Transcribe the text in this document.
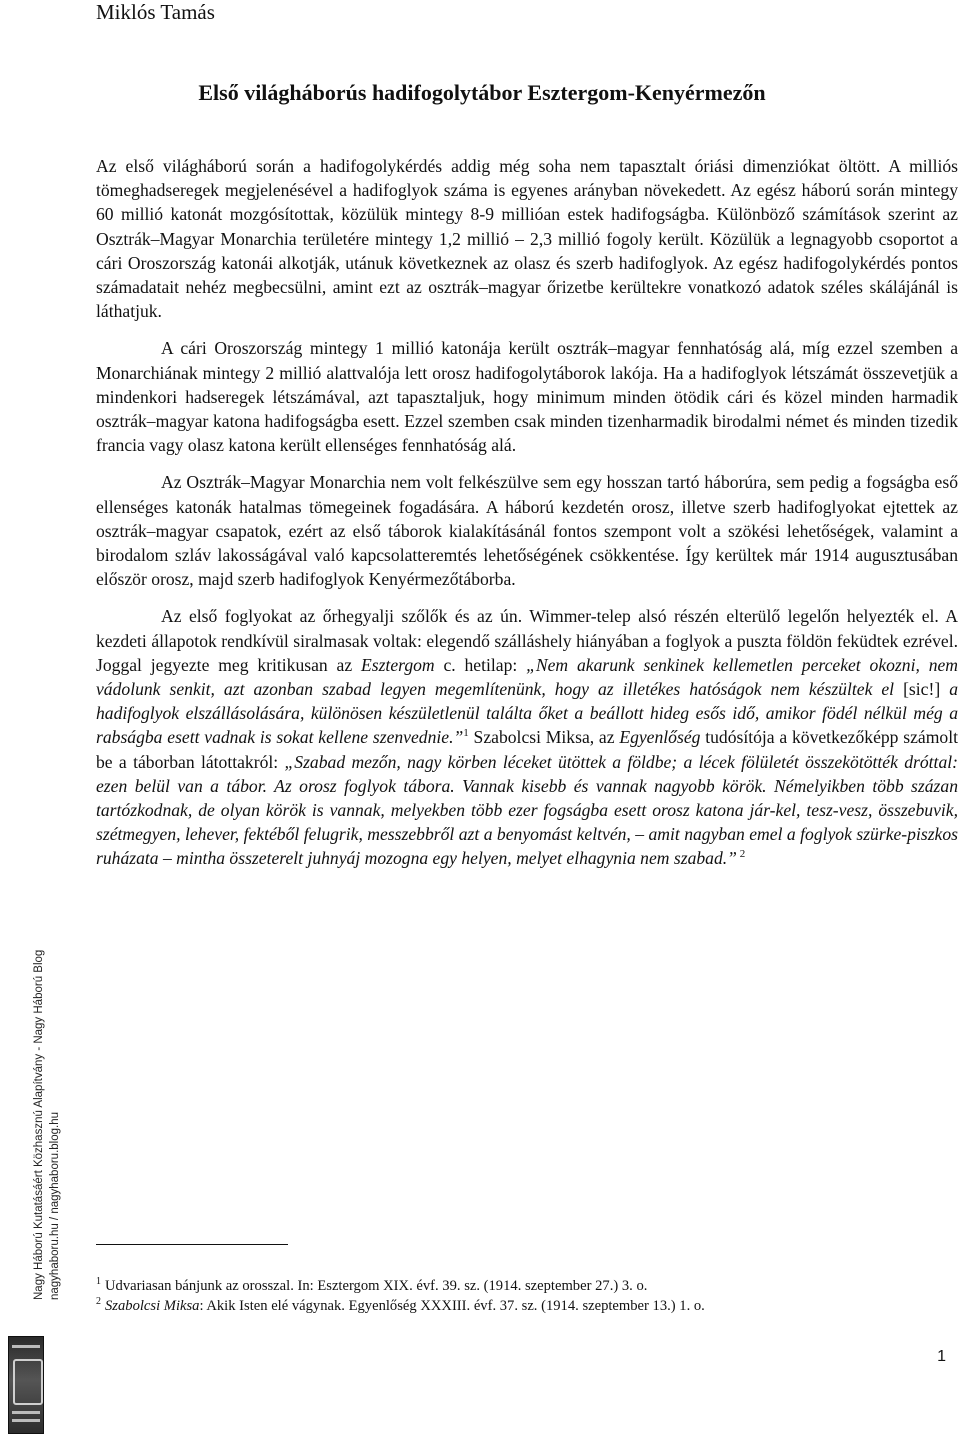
Miklós Tamás
Első világháborús hadifogolytábor Esztergom-Kenyérmezőn

Az első világháború során a hadifogolykérdés addig még soha nem tapasztalt óriási dimenziókat öltött. A milliós tömeghadseregek megjelenésével a hadifoglyok száma is egyenes arányban növekedett. Az egész háború során mintegy 60 millió katonát mozgósítottak, közülük mintegy 8-9 millióan estek hadifogságba. Különböző számítások szerint az Osztrák–Magyar Monarchia területére mintegy 1,2 millió – 2,3 millió fogoly került. Közülük a legnagyobb csoportot a cári Oroszország katonái alkotják, utánuk következnek az olasz és szerb hadifoglyok. Az egész hadifogolykérdés pontos számadatait nehéz megbecsülni, amint ezt az osztrák–magyar őrizetbe kerültekre vonatkozó adatok széles skálájánál is láthatjuk.

A cári Oroszország mintegy 1 millió katonája került osztrák–magyar fennhatóság alá, míg ezzel szemben a Monarchiának mintegy 2 millió alattvalója lett orosz hadifogolytáborok lakója. Ha a hadifoglyok létszámát összevetjük a mindenkori hadseregek létszámával, azt tapasztaljuk, hogy minimum minden ötödik cári és közel minden harmadik osztrák–magyar katona hadifogságba esett. Ezzel szemben csak minden tizenharmadik birodalmi német és minden tizedik francia vagy olasz katona került ellenséges fennhatóság alá.

Az Osztrák–Magyar Monarchia nem volt felkészülve sem egy hosszan tartó háborúra, sem pedig a fogságba eső ellenséges katonák hatalmas tömegeinek fogadására. A háború kezdetén orosz, illetve szerb hadifoglyokat ejtettek az osztrák–magyar csapatok, ezért az első táborok kialakításánál fontos szempont volt a szökési lehetőségek, valamint a birodalom szláv lakosságával való kapcsolatteremtés lehetőségének csökkentése. Így kerültek már 1914 augusztusában először orosz, majd szerb hadifoglyok Kenyérmezőtáborba.

Az első foglyokat az őrhegyalji szőlők és az ún. Wimmer-telep alsó részén elterülő legelőn helyezték el. A kezdeti állapotok rendkívül siralmasak voltak: elegendő szálláshely hiányában a foglyok a puszta földön feküdtek ezrével. Joggal jegyezte meg kritikusan az Esztergom c. hetilap: „Nem akarunk senkinek kellemetlen perceket okozni, nem vádolunk senkit, azt azonban szabad legyen megemlítenünk, hogy az illetékes hatóságok nem készültek el [sic!] a hadifoglyok elszállásolására, különösen készületlenül találta őket a beállott hideg esős idő, amikor födél nélkül még a rabságba esett vadnak is sokat kellene szenvednie.”$^1$ Szabolcsi Miksa, az Egyenlőség tudósítója a következőképp számolt be a táborban látottakról: „Szabad mezőn, nagy körben léceket ütöttek a földbe; a lécek fölületét összekötötték dróttal: ezen belül van a tábor. Az orosz foglyok tábora. Vannak kisebb és vannak nagyobb körök. Némelyikben több százan tartózkodnak, de olyan körök is vannak, melyekben több ezer fogságba esett orosz katona jár-kel, tesz-vesz, összebuvik, szétmegyen, lehever, fektéből felugrik, messzebbről azt a benyomást keltvén, – amit nagyban emel a foglyok szürke-piszkos ruházata – mintha összeterelt juhnyáj mozogna egy helyen, melyet elhagynia nem szabad.” $^2$

$^1$ Udvariasan bánjunk az orosszal. In: Esztergom XIX. évf. 39. sz. (1914. szeptember 27.) 3. o.
$^2$ Szabolcsi Miksa: Akik Isten elé vágynak. Egyenlőség XXXIII. évf. 37. sz. (1914. szeptember 13.) 1. o.
1
Nagy Háború Kutatásáért Közhasznú Alapítvány - Nagy Háború Blog nagyhaboru.hu / nagyhaboru.blog.hu
